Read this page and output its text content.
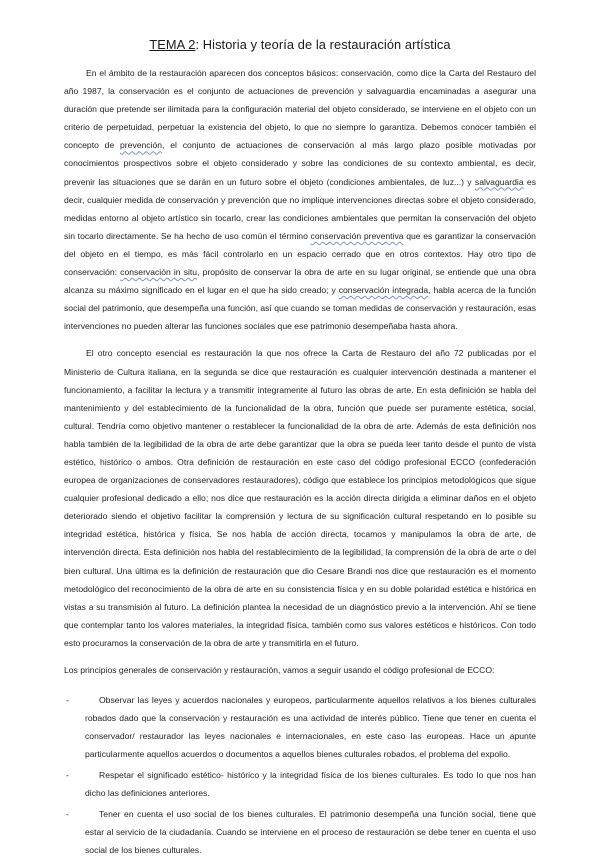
TEMA 2: Historia y teoría de la restauración artística

En el ámbito de la restauración aparecen dos conceptos básicos: conservación, como dice la Carta del Restauro del año 1987, la conservación es el conjunto de actuaciones de prevención y salvaguardia encaminadas a asegurar una duración que pretende ser ilimitada para la configuración material del objeto considerado, se interviene en el objeto con un criterio de perpetuidad, perpetuar la existencia del objeto, lo que no siempre lo garantiza. Debemos conocer también el concepto de prevención, el conjunto de actuaciones de conservación al más largo plazo posible motivadas por conocimientos prospectivos sobre el objeto considerado y sobre las condiciones de su contexto ambiental, es decir, prevenir las situaciones que se darán en un futuro sobre el objeto (condiciones ambientales, de luz...) y salvaguardia es decir, cualquier medida de conservación y prevención que no implique intervenciones directas sobre el objeto considerado, medidas entorno al objeto artístico sin tocarlo, crear las condiciones ambientales que permitan la conservación del objeto sin tocarlo directamente. Se ha hecho de uso común el término conservación preventiva que es garantizar la conservación del objeto en el tiempo, es más fácil controlarlo en un espacio cerrado que en otros contextos. Hay otro tipo de conservación: conservación in situ, propósito de conservar la obra de arte en su lugar original, se entiende que una obra alcanza su máximo significado en el lugar en el que ha sido creado; y conservación integrada, habla acerca de la función social del patrimonio, que desempeña una función, así que cuando se toman medidas de conservación y restauración, esas intervenciones no pueden alterar las funciones sociales que ese patrimonio desempeñaba hasta ahora.

El otro concepto esencial es restauración la que nos ofrece la Carta de Restauro del año 72 publicadas por el Ministerio de Cultura italiana, en la segunda se dice que restauración es cualquier intervención destinada a mantener el funcionamiento, a facilitar la lectura y a transmitir íntegramente al futuro las obras de arte. En esta definición se habla del mantenimiento y del establecimiento de la funcionalidad de la obra, función que puede ser puramente estética, social, cultural. Tendría como objetivo mantener o restablecer la funcionalidad de la obra de arte. Además de esta definición nos habla también de la legibilidad de la obra de arte debe garantizar que la obra se pueda leer tanto desde el punto de vista estético, histórico o ambos. Otra definición de restauración en este caso del código profesional ECCO (confederación europea de organizaciones de conservadores restauradores), código que establece los principios metodológicos que sigue cualquier profesional dedicado a ello; nos dice que restauración es la acción directa dirigida a eliminar daños en el objeto deteriorado siendo el objetivo facilitar la comprensión y lectura de su significación cultural respetando en lo posible su integridad estética, histórica y física. Se nos habla de acción directa, tocamos y manipulamos la obra de arte, de intervención directa. Esta definición nos habla del restablecimiento de la legibilidad, la comprensión de la obra de arte o del bien cultural. Una última es la definición de restauración que dio Cesare Brandi nos dice que restauración es el momento metodológico del reconocimiento de la obra de arte en su consistencia física y en su doble polaridad estética e histórica en vistas a su transmisión al futuro. La definición plantea la necesidad de un diagnóstico previo a la intervención. Ahí se tiene que contemplar tanto los valores materiales, la integridad física, también como sus valores estéticos e históricos. Con todo esto procuramos la conservación de la obra de arte y transmitirla en el futuro.

Los principios generales de conservación y restauración, vamos a seguir usando el código profesional de ECCO:

-	Observar las leyes y acuerdos nacionales y europeos, particularmente aquellos relativos a los bienes culturales robados dado que la conservación y restauración es una actividad de interés público. Tiene que tener en cuenta el conservador/ restaurador las leyes nacionales e internacionales, en este caso las europeas. Hace un apunte particularmente aquellos acuerdos o documentos a aquellos bienes culturales robados, el problema del expolio.
-	Respetar el significado estético- histórico y la integridad física de los bienes culturales. Es todo lo que nos han dicho las definiciones anteriores.
-	Tener en cuenta el uso social de los bienes culturales. El patrimonio desempeña una función social, tiene que estar al servicio de la ciudadanía. Cuando se interviene en el proceso de restauración se debe tener en cuenta el uso social de los bienes culturales.
